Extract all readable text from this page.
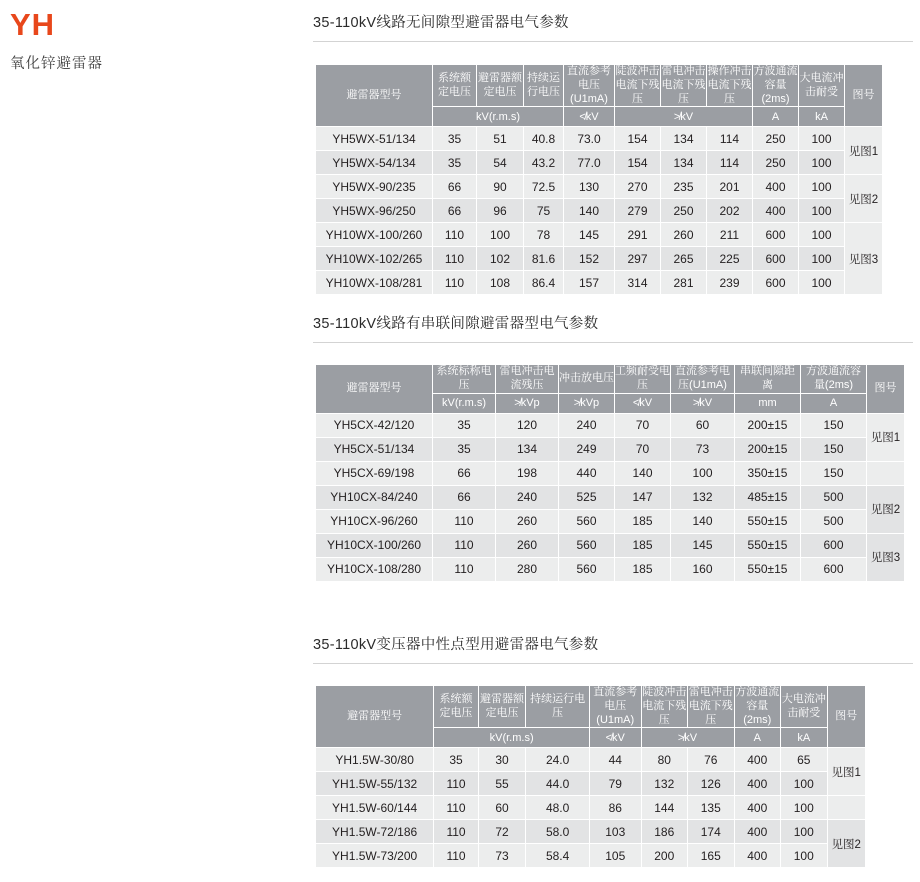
YH
氧化锌避雷器
35-110kV线路无间隙型避雷器电气参数
避雷器型号	系统额定电压	避雷器额定电压	持续运行电压	直流参考电压(U1mA)	陡波冲击电流下残压	雷电冲击电流下残压	操作冲击电流下残压	方波通流容量(2ms)	大电流冲击耐受	图号
	kV(r.m.s)			≮kV	≯kV			A	kA	
YH5WX-51/134	35	51	40.8	73.0	154	134	114	250	100	见图1
YH5WX-54/134	35	54	43.2	77.0	154	134	114	250	100	
YH5WX-90/235	66	90	72.5	130	270	235	201	400	100	见图2
YH5WX-96/250	66	96	75	140	279	250	202	400	100	
YH10WX-100/260	110	100	78	145	291	260	211	600	100	见图3
YH10WX-102/265	110	102	81.6	152	297	265	225	600	100	
YH10WX-108/281	110	108	86.4	157	314	281	239	600	100	
35-110kV线路有串联间隙避雷器型电气参数
避雷器型号	系统标称电压	雷电冲击电流残压	冲击放电压	工频耐受电压	直流参考电压(U1mA)	串联间隙距离	方波通流容量(2ms)	图号
	kV(r.m.s)	≯kVp	≯kVp	≮kV	≯kV	mm	A	
YH5CX-42/120	35	120	240	70	60	200±15	150	见图1
YH5CX-51/134	35	134	249	70	73	200±15	150	
YH5CX-69/198	66	198	440	140	100	350±15	150	
YH10CX-84/240	66	240	525	147	132	485±15	500	见图2
YH10CX-96/260	110	260	560	185	140	550±15	500	
YH10CX-100/260	110	260	560	185	145	550±15	600	见图3
YH10CX-108/280	110	280	560	185	160	550±15	600	
35-110kV变压器中性点型用避雷器电气参数
避雷器型号	系统额定电压	避雷器额定电压	持续运行电压	直流参考电压(U1mA)	陡波冲击电流下残压	雷电冲击电流下残压	方波通流容量(2ms)	大电流冲击耐受	图号
	kV(r.m.s)			≮kV	≯kV		A	kA	
YH1.5W-30/80	35	30	24.0	44	80	76	400	65	见图1
YH1.5W-55/132	110	55	44.0	79	132	126	400	100	
YH1.5W-60/144	110	60	48.0	86	144	135	400	100	
YH1.5W-72/186	110	72	58.0	103	186	174	400	100	见图2
YH1.5W-73/200	110	73	58.4	105	200	165	400	100	
